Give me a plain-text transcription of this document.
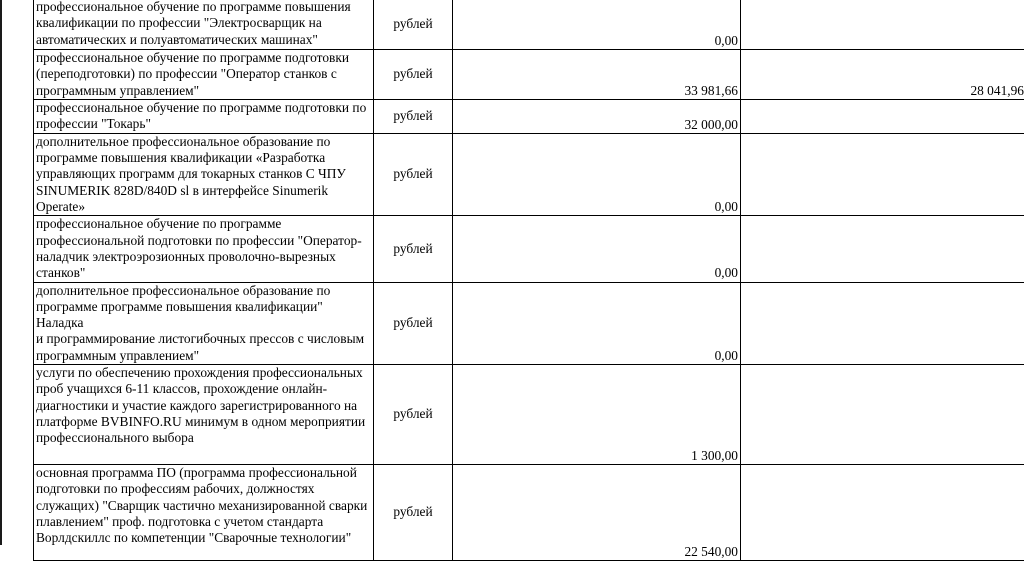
профессиональное обучение по программе повышения
квалификации по профессии "Электросварщик на
автоматических и полуавтоматических машинах"	рублей	0,00	
профессиональное обучение по программе подготовки
(переподготовки) по профессии "Оператор станков с
программным управлением"	рублей	33 981,66	28 041,96
профессиональное обучение по программе подготовки по
профессии "Токарь"	рублей	32 000,00	
дополнительное профессиональное образование по
программе повышения квалификации «Разработка
управляющих программ для токарных станков С ЧПУ
SINUMERIK 828D/840D sl в интерфейсе Sinumerik
Operate»	рублей	0,00	
профессиональное обучение по программе
профессиональной подготовки по профессии "Оператор-
наладчик электроэрозионных проволочно-вырезных
станков"	рублей	0,00	
дополнительное профессиональное образование по
программе программе повышения квалификации" Наладка
и программирование листогибочных прессов с числовым
программным управлением"	рублей	0,00	
услуги по обеспечению прохождения профессиональных
проб учащихся 6-11 классов, прохождение онлайн-
диагностики и участие каждого зарегистрированного на
платформе BVBINFO.RU минимум в одном мероприятии
профессионального выбора	рублей	1 300,00	
основная программа ПО (программа профессиональной
подготовки по профессиям рабочих, должностях
служащих) "Сварщик частично механизированной сварки
плавлением" проф. подготовка с учетом стандарта
Ворлдскиллс по компетенции "Сварочные технологии"	рублей	22 540,00	
